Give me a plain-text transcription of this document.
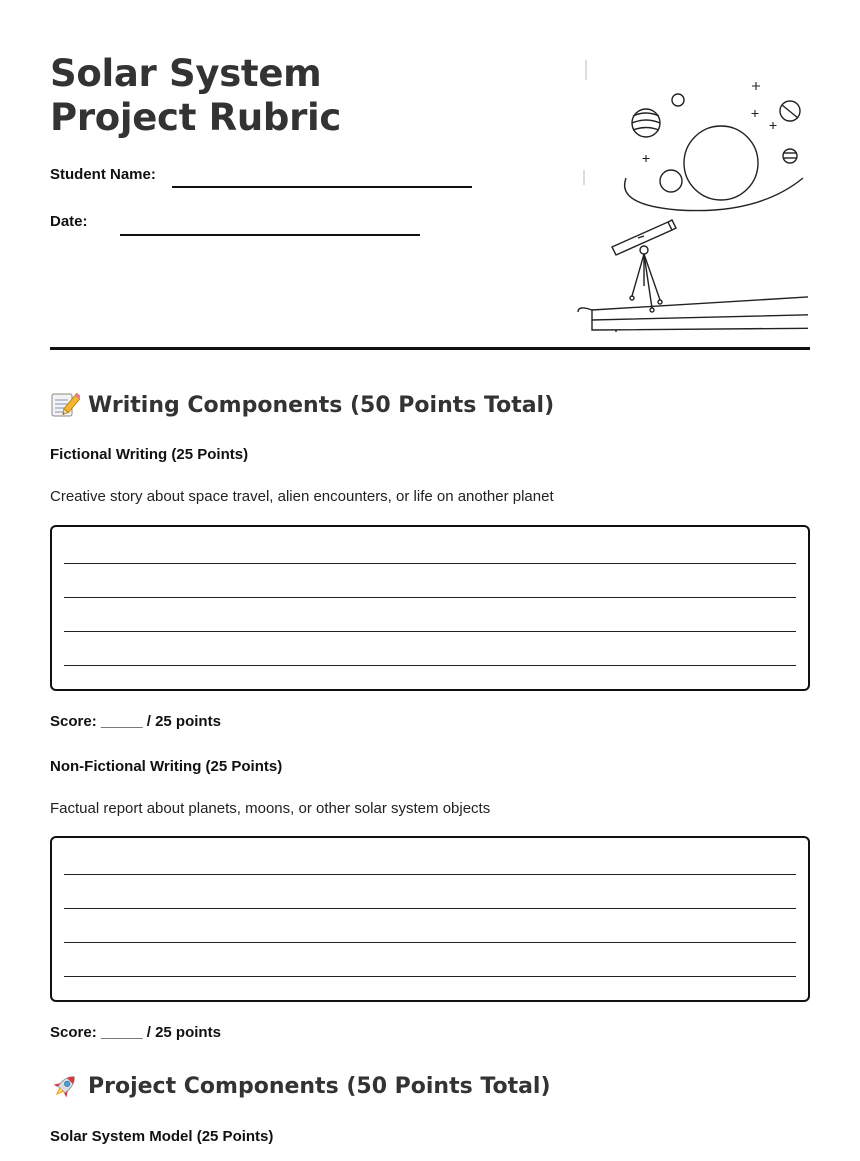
Solar System Project Rubric
Student Name:
Date:
Writing Components (50 Points Total)
Fictional Writing (25 Points)
Creative story about space travel, alien encounters, or life on another planet
Score: _____ / 25 points
Non-Fictional Writing (25 Points)
Factual report about planets, moons, or other solar system objects
Score: _____ / 25 points
Project Components (50 Points Total)
Solar System Model (25 Points)
